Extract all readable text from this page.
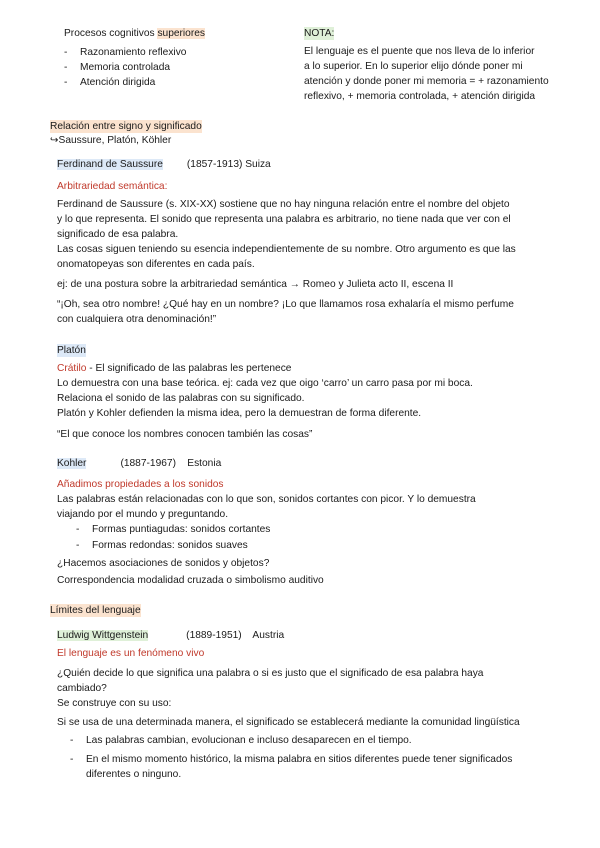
Procesos cognitivos superiores
- Razonamiento reflexivo
- Memoria controlada
- Atención dirigida
NOTA:
El lenguaje es el puente que nos lleva de lo inferior
a lo superior. En lo superior elijo dónde poner mi
atención y donde poner mi memoria = + razonamiento
reflexivo, + memoria controlada, + atención dirigida
Relación entre signo y significado
↪Saussure, Platón, Köhler
Ferdinand de Saussure (1857-1913) Suiza
Arbitrariedad semántica:
Ferdinand de Saussure (s. XIX-XX) sostiene que no hay ninguna relación entre el nombre del objeto
y lo que representa. El sonido que representa una palabra es arbitrario, no tiene nada que ver con el
significado de esa palabra.
Las cosas siguen teniendo su esencia independientemente de su nombre. Otro argumento es que las
onomatopeyas son diferentes en cada país.
ej: de una postura sobre la arbitrariedad semántica → Romeo y Julieta acto II, escena II
“¡Oh, sea otro nombre! ¿Qué hay en un nombre? ¡Lo que llamamos rosa exhalaría el mismo perfume
con cualquiera otra denominación!”
Platón
Crátilo - El significado de las palabras les pertenece
Lo demuestra con una base teórica. ej: cada vez que oigo ‘carro’ un carro pasa por mi boca.
Relaciona el sonido de las palabras con su significado.
Platón y Kohler defienden la misma idea, pero la demuestran de forma diferente.
“El que conoce los nombres conocen también las cosas”
Kohler	(1887-1967)    Estonia
Añadimos propiedades a los sonidos
Las palabras están relacionadas con lo que son, sonidos cortantes con picor. Y lo demuestra
viajando por el mundo y preguntando.
- Formas puntiagudas: sonidos cortantes
- Formas redondas: sonidos suaves
¿Hacemos asociaciones de sonidos y objetos?
Correspondencia modalidad cruzada o simbolismo auditivo
Límites del lenguaje
Ludwig Wittgenstein	(1889-1951)    Austria
El lenguaje es un fenómeno vivo
¿Quién decide lo que significa una palabra o si es justo que el significado de esa palabra haya
cambiado?
Se construye con su uso:
Si se usa de una determinada manera, el significado se establecerá mediante la comunidad lingüística
- Las palabras cambian, evolucionan e incluso desaparecen en el tiempo.
- En el mismo momento histórico, la misma palabra en sitios diferentes puede tener significados
diferentes o ninguno.
